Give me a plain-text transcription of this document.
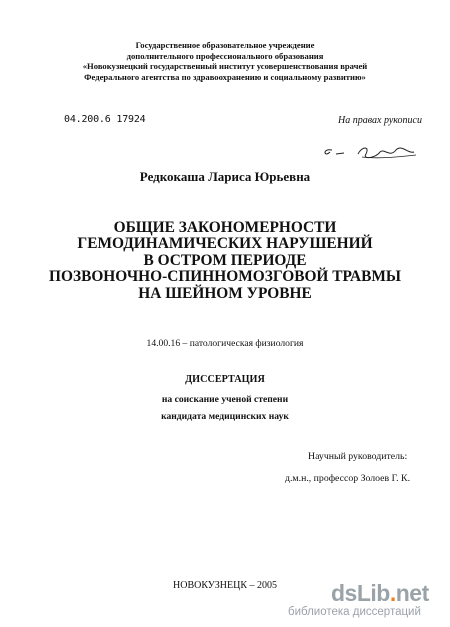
Государственное образовательное учреждение
дополнительного профессионального образования
«Новокузнецкий государственный институт усовершенствования врачей
Федерального агентства по здравоохранению и социальному развитию»
04.200.6 17924	На правах рукописи
Редкокаша Лариса Юрьевна
ОБЩИЕ ЗАКОНОМЕРНОСТИ
ГЕМОДИНАМИЧЕСКИХ НАРУШЕНИЙ
В ОСТРОМ ПЕРИОДЕ
ПОЗВОНОЧНО-СПИННОМОЗГОВОЙ ТРАВМЫ
НА ШЕЙНОМ УРОВНЕ
14.00.16 – патологическая физиология
ДИССЕРТАЦИЯ
на соискание ученой степени
кандидата медицинских наук
Научный руководитель:
д.м.н., профессор Золоев Г. К.
НОВОКУЗНЕЦК – 2005	dsLib.net
библиотека диссертаций
